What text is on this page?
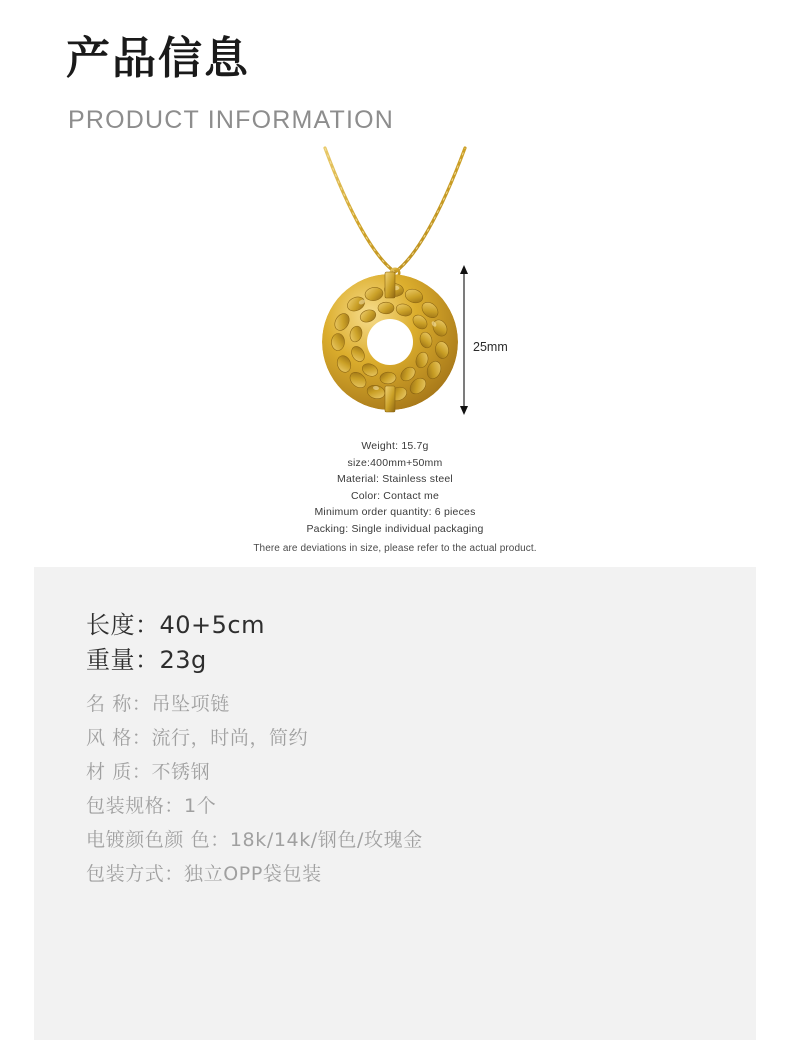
产品信息
PRODUCT INFORMATION
25mm
Weight: 15.7g
size:400mm+50mm
Material: Stainless steel
Color: Contact me
Minimum order quantity: 6 pieces
Packing: Single individual packaging
There are deviations in size, please refer to the actual product.
长度：40+5cm
重量：23g
名 称：吊坠项链
风 格：流行，时尚，简约
材 质：不锈钢
包装规格：1个
电镀颜色颜 色：18k/14k/钢色/玫瑰金
包装方式：独立OPP袋包装
